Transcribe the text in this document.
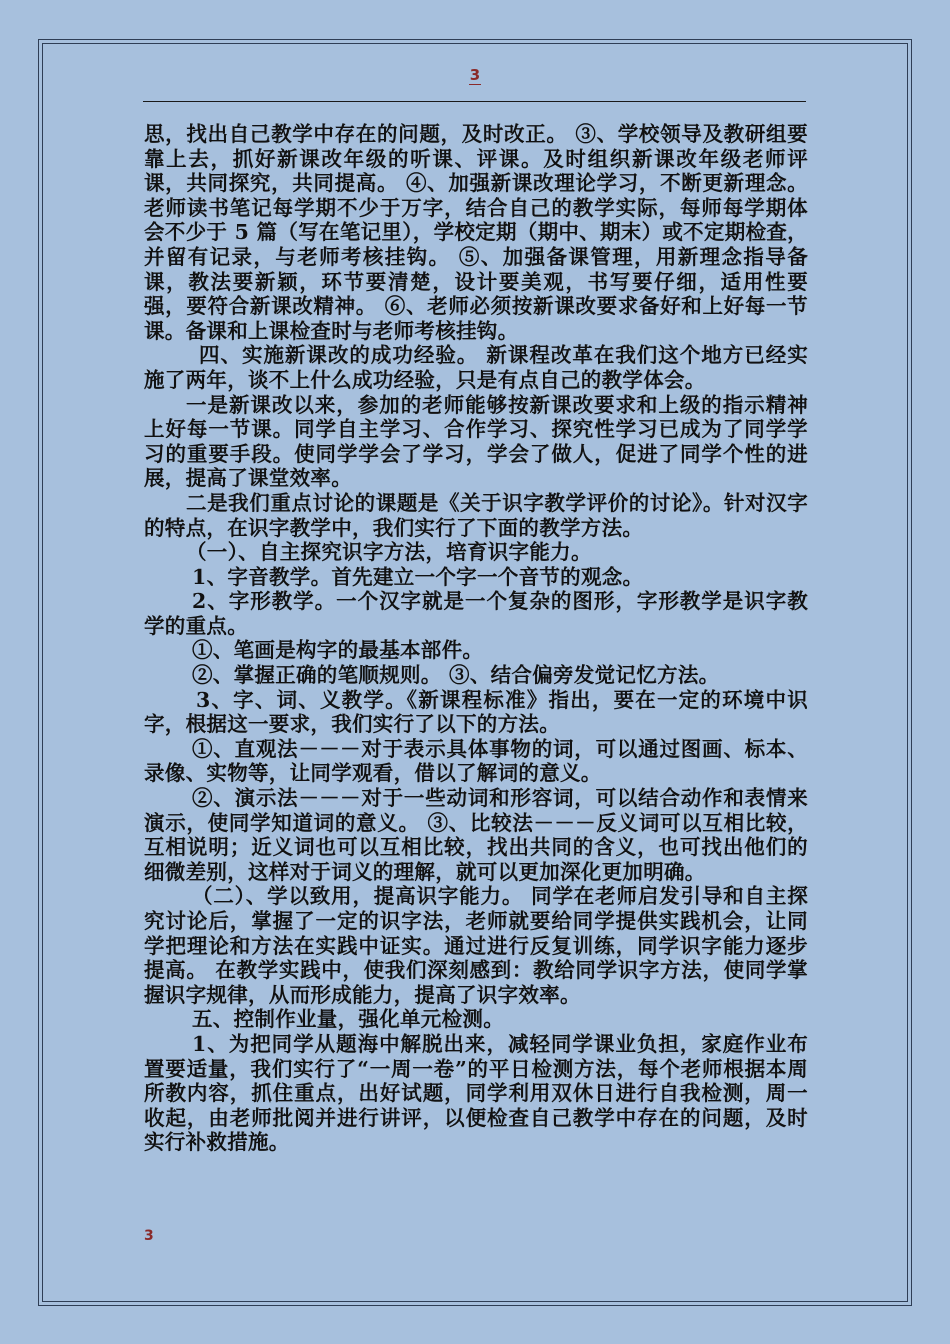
3

思，找出自己教学中存在的问题，及时改正。 ③、学校领导及教研组要靠上去，抓好新课改年级的听课、评课。及时组织新课改年级老师评课，共同探究，共同提高。 ④、加强新课改理论学习，不断更新理念。老师读书笔记每学期不少于万字，结合自己的教学实际，每师每学期体会不少于 5 篇（写在笔记里），学校定期（期中、期末）或不定期检查，并留有记录，与老师考核挂钩。 ⑤、加强备课管理，用新理念指导备课，教法要新颖，环节要清楚，设计要美观，书写要仔细，适用性要强，要符合新课改精神。 ⑥、老师必须按新课改要求备好和上好每一节课。备课和上课检查时与老师考核挂钩。

四、实施新课改的成功经验。 新课程改革在我们这个地方已经实施了两年，谈不上什么成功经验，只是有点自己的教学体会。

一是新课改以来，参加的老师能够按新课改要求和上级的指示精神上好每一节课。同学自主学习、合作学习、探究性学习已成为了同学学习的重要手段。使同学学会了学习，学会了做人，促进了同学个性的进展，提高了课堂效率。

二是我们重点讨论的课题是《关于识字教学评价的讨论》。针对汉字的特点，在识字教学中，我们实行了下面的教学方法。

（一）、自主探究识字方法，培育识字能力。

1、字音教学。首先建立一个字一个音节的观念。

2、字形教学。一个汉字就是一个复杂的图形，字形教学是识字教学的重点。

①、笔画是构字的最基本部件。

②、掌握正确的笔顺规则。 ③、结合偏旁发觉记忆方法。

3、字、词、义教学。《新课程标准》指出，要在一定的环境中识字，根据这一要求，我们实行了以下的方法。

①、直观法－－－对于表示具体事物的词，可以通过图画、标本、录像、实物等，让同学观看，借以了解词的意义。

②、演示法－－－对于一些动词和形容词，可以结合动作和表情来演示，使同学知道词的意义。 ③、比较法－－－反义词可以互相比较，互相说明；近义词也可以互相比较，找出共同的含义，也可找出他们的细微差别，这样对于词义的理解，就可以更加深化更加明确。

（二）、学以致用，提高识字能力。 同学在老师启发引导和自主探究讨论后，掌握了一定的识字法，老师就要给同学提供实践机会，让同学把理论和方法在实践中证实。通过进行反复训练，同学识字能力逐步提高。 在教学实践中，使我们深刻感到：教给同学识字方法，使同学掌握识字规律，从而形成能力，提高了识字效率。

五、控制作业量，强化单元检测。

1、为把同学从题海中解脱出来，减轻同学课业负担，家庭作业布置要适量，我们实行了“一周一卷”的平日检测方法，每个老师根据本周所教内容，抓住重点，出好试题，同学利用双休日进行自我检测，周一收起，由老师批阅并进行讲评，以便检查自己教学中存在的问题，及时实行补救措施。

3
